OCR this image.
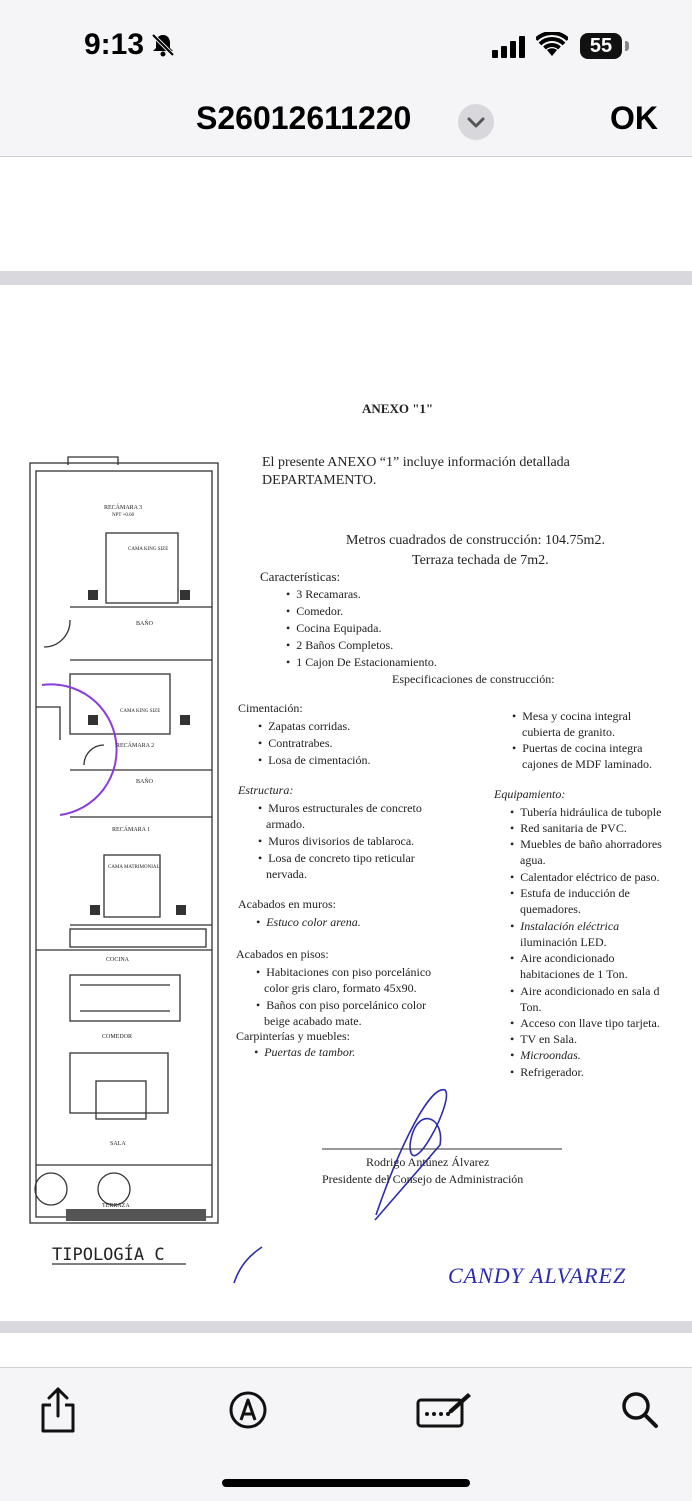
9:13	55
S26012611220	OK
RECÁMARA 3
NPT +0.60
CAMA KING SIZE
BAÑO
CAMA KING SIZE
RECÁMARA 2
BAÑO
RECÁMARA 1
CAMA MATRIMONIAL
COCINA
COMEDOR
SALA
TERRAZA
TIPOLOGÍA C
ANEXO "1"
El presente ANEXO “1” incluye información detallada
DEPARTAMENTO.
Metros cuadrados de construcción: 104.75m2.
Terraza techada de 7m2.
Características:
• 3 Recamaras.
• Comedor.
• Cocina Equipada.
• 2 Baños Completos.
• 1 Cajon De Estacionamiento.
Especificaciones de construcción:
Cimentación:
• Zapatas corridas.
• Contratrabes.
• Losa de cimentación.
Estructura:
• Muros estructurales de concreto
armado.
• Muros divisorios de tablaroca.
• Losa de concreto tipo reticular
nervada.
Acabados en muros:
• Estuco color arena.
Acabados en pisos:
• Habitaciones con piso porcelánico
color gris claro, formato 45x90.
• Baños con piso porcelánico color
beige acabado mate.
Carpinterías y muebles:
• Puertas de tambor.
• Mesa y cocina integral
cubierta de granito.
• Puertas de cocina integra
cajones de MDF laminado.
Equipamiento:
• Tubería hidráulica de tubople
• Red sanitaria de PVC.
• Muebles de baño ahorradores
agua.
• Calentador eléctrico de paso.
• Estufa de inducción de
quemadores.
• Instalación eléctrica
iluminación LED.
• Aire acondicionado
habitaciones de 1 Ton.
• Aire acondicionado en sala d
Ton.
• Acceso con llave tipo tarjeta.
• TV en Sala.
• Microondas.
• Refrigerador.
Rodrigo Antúnez Álvarez
Presidente del Consejo de Administración
CANDY ALVAREZ
